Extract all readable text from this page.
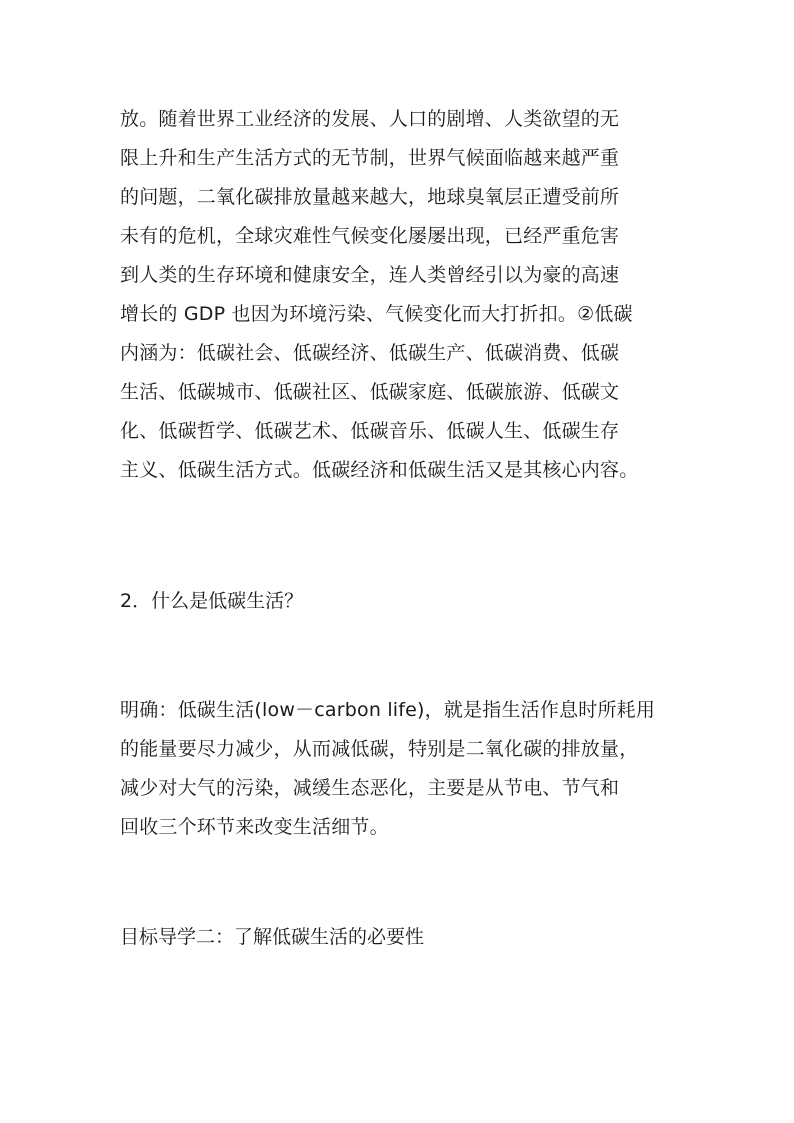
放。随着世界工业经济的发展、人口的剧增、人类欲望的无
限上升和生产生活方式的无节制，世界气候面临越来越严重
的问题，二氧化碳排放量越来越大，地球臭氧层正遭受前所
未有的危机，全球灾难性气候变化屡屡出现，已经严重危害
到人类的生存环境和健康安全，连人类曾经引以为豪的高速
增长的 GDP 也因为环境污染、气候变化而大打折扣。②低碳
内涵为：低碳社会、低碳经济、低碳生产、低碳消费、低碳
生活、低碳城市、低碳社区、低碳家庭、低碳旅游、低碳文
化、低碳哲学、低碳艺术、低碳音乐、低碳人生、低碳生存
主义、低碳生活方式。低碳经济和低碳生活又是其核心内容。
2．什么是低碳生活？
明确：低碳生活(low－carbon life)，就是指生活作息时所耗用
的能量要尽力减少，从而减低碳，特别是二氧化碳的排放量，
减少对大气的污染，减缓生态恶化，主要是从节电、节气和
回收三个环节来改变生活细节。
目标导学二：了解低碳生活的必要性
